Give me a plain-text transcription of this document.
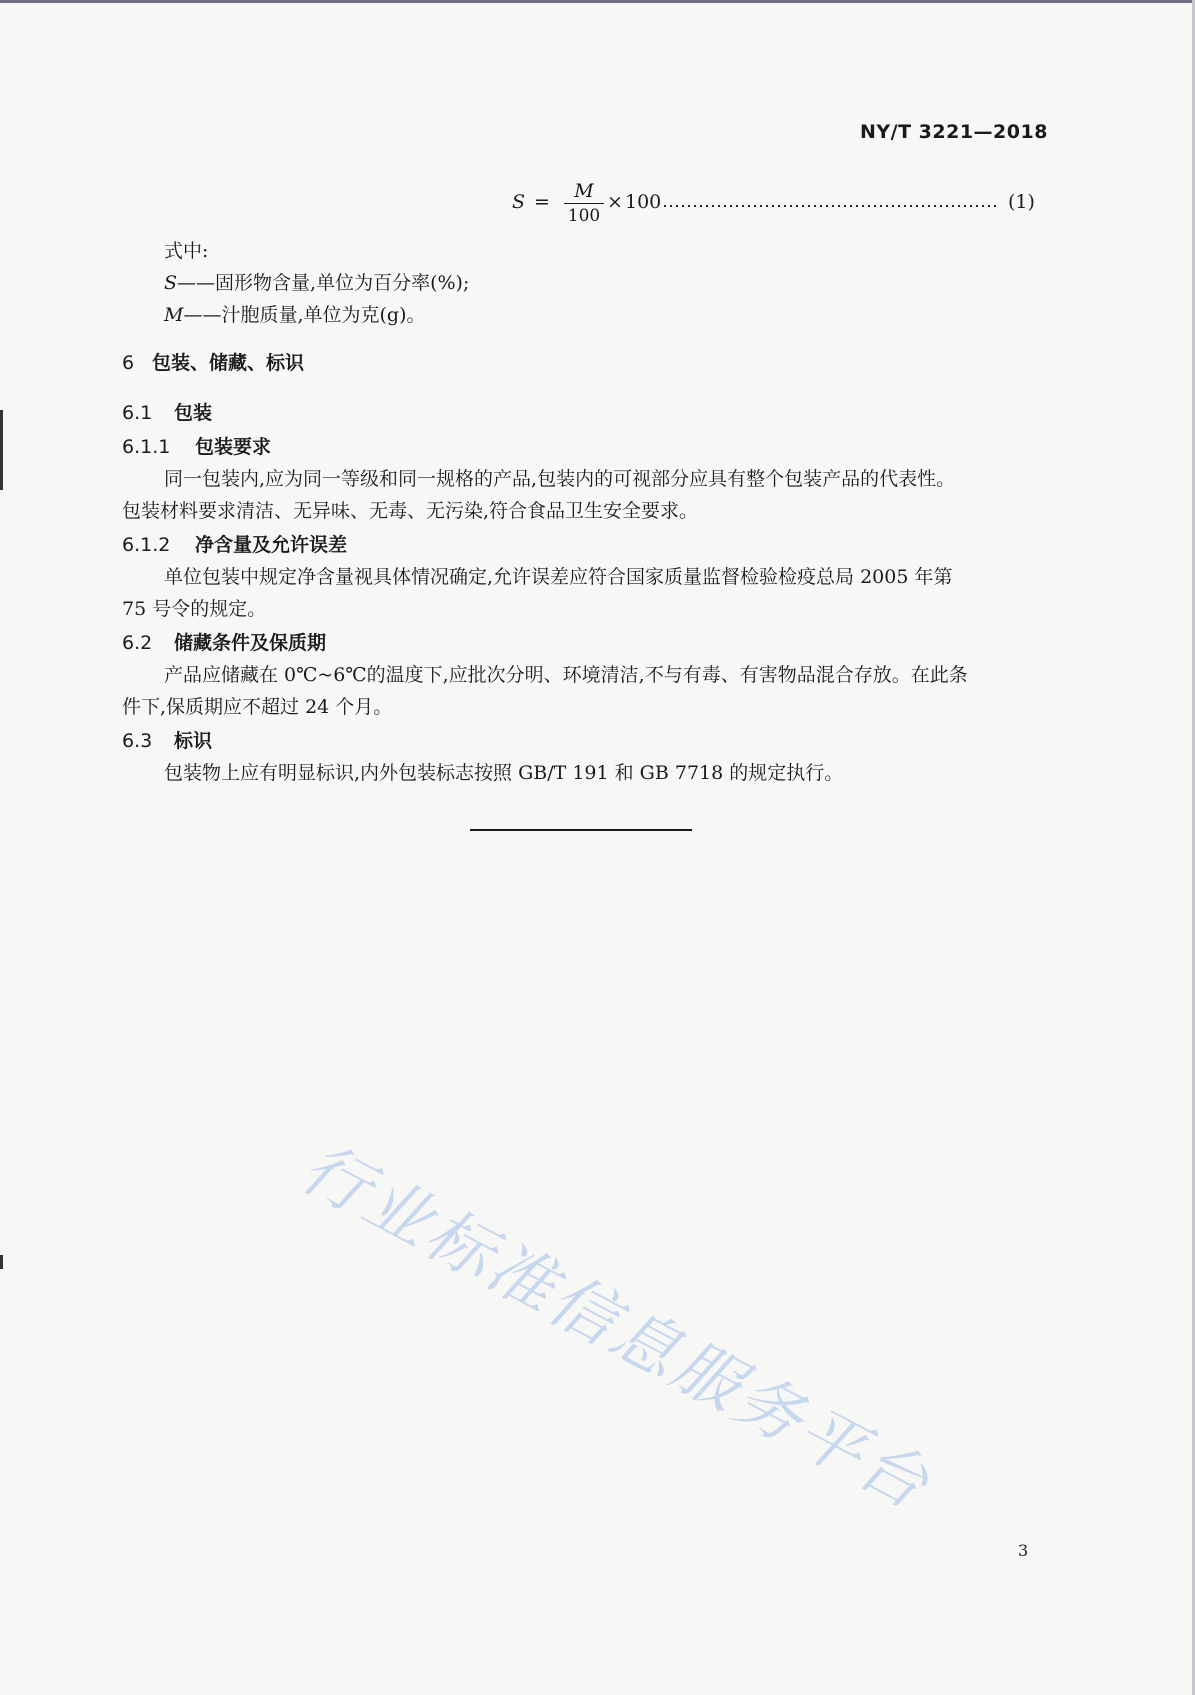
NY/T 3221—2018
S =	M
100
× 100	(1)
式中:
S——固形物含量,单位为百分率(%);
M——汁胞质量,单位为克(g)。
6 包装、储藏、标识
6.1 包装
6.1.1 包装要求
同一包装内,应为同一等级和同一规格的产品,包装内的可视部分应具有整个包装产品的代表性。
包装材料要求清洁、无异味、无毒、无污染,符合食品卫生安全要求。
6.1.2 净含量及允许误差
单位包装中规定净含量视具体情况确定,允许误差应符合国家质量监督检验检疫总局 2005 年第
75 号令的规定。
6.2 储藏条件及保质期
产品应储藏在 0℃~6℃的温度下,应批次分明、环境清洁,不与有毒、有害物品混合存放。在此条
件下,保质期应不超过 24 个月。
6.3 标识
包装物上应有明显标识,内外包装标志按照 GB/T 191 和 GB 7718 的规定执行。
行业标准信息服务平台
3
